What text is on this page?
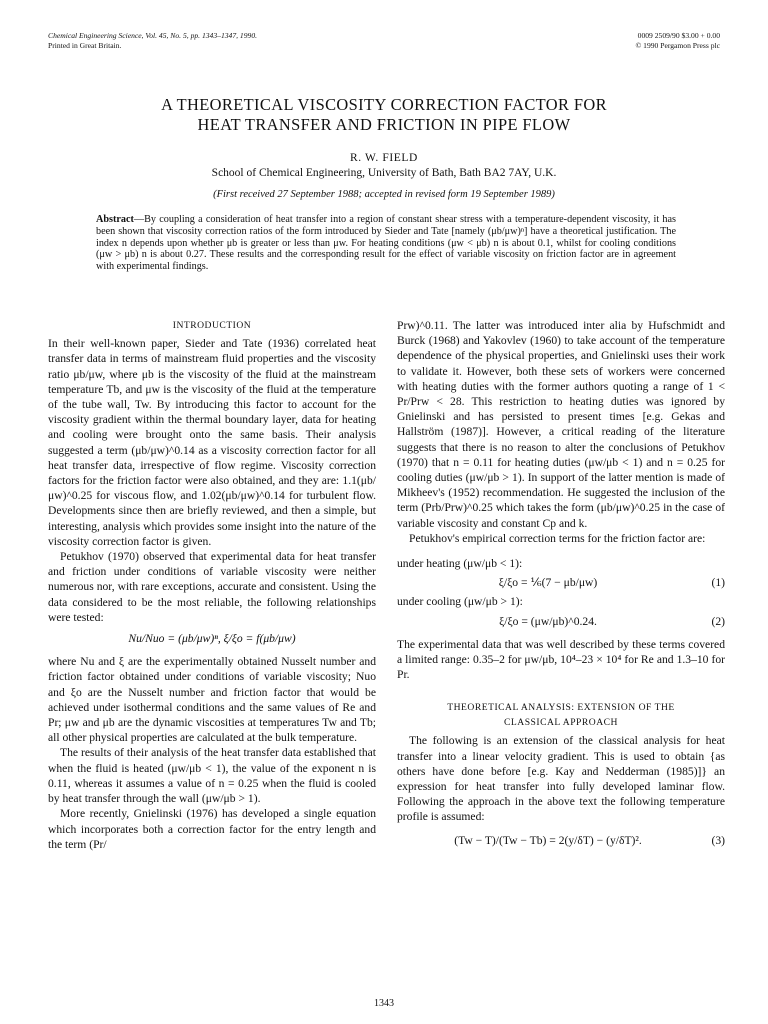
Chemical Engineering Science, Vol. 45, No. 5, pp. 1343–1347, 1990.
Printed in Great Britain.
0009 2509/90 $3.00 + 0.00
© 1990 Pergamon Press plc
A THEORETICAL VISCOSITY CORRECTION FACTOR FOR
HEAT TRANSFER AND FRICTION IN PIPE FLOW
R. W. FIELD
School of Chemical Engineering, University of Bath, Bath BA2 7AY, U.K.
(First received 27 September 1988; accepted in revised form 19 September 1989)
Abstract—By coupling a consideration of heat transfer into a region of constant shear stress with a temperature-dependent viscosity, it has been shown that viscosity correction ratios of the form introduced by Sieder and Tate [namely (μb/μw)ⁿ] have a theoretical justification. The index n depends upon whether μb is greater or less than μw. For heating conditions (μw < μb) n is about 0.1, whilst for cooling conditions (μw > μb) n is about 0.27. These results and the corresponding result for the effect of variable viscosity on friction factor are in agreement with experimental findings.
INTRODUCTION

In their well-known paper, Sieder and Tate (1936) correlated heat transfer data in terms of mainstream fluid properties and the viscosity ratio μb/μw, where μb is the viscosity of the fluid at the mainstream temperature Tb, and μw is the viscosity of the fluid at the temperature of the tube wall, Tw. By introducing this factor to account for the viscosity gradient within the thermal boundary layer, data for heating and cooling were brought onto the same basis. Their analysis suggested a term (μb/μw)^0.14 as a viscosity correction factor for all heat transfer data, irrespective of flow regime. Viscosity correction factors for the friction factor were also obtained, and they are: 1.1(μb/μw)^0.25 for viscous flow, and 1.02(μb/μw)^0.14 for turbulent flow. Developments since then are briefly reviewed, and then a simple, but interesting, analysis which provides some insight into the nature of the viscosity correction factor is given.

Petukhov (1970) observed that experimental data for heat transfer and friction under conditions of variable viscosity were neither numerous nor, with rare exceptions, accurate and consistent. Using the data considered to be the most reliable, the following relationships were tested:

Nu/Nuo = (μb/μw)ⁿ, ξ/ξo = f(μb/μw)

where Nu and ξ are the experimentally obtained Nusselt number and friction factor obtained under conditions of variable viscosity; Nuo and ξo are the Nusselt number and friction factor that would be achieved under isothermal conditions and the same values of Re and Pr; μw and μb are the dynamic viscosities at temperatures Tw and Tb; all other physical properties are calculated at the bulk temperature.

The results of their analysis of the heat transfer data established that when the fluid is heated (μw/μb < 1), the value of the exponent n is 0.11, whereas it assumes a value of n = 0.25 when the fluid is cooled by heat transfer through the wall (μw/μb > 1).

More recently, Gnielinski (1976) has developed a single equation which incorporates both a correction factor for the entry length and the term (Pr/

Prw)^0.11. The latter was introduced inter alia by Hufschmidt and Burck (1968) and Yakovlev (1960) to take account of the temperature dependence of the physical properties, and Gnielinski uses their work to validate it. However, both these sets of workers were concerned with heating duties with the former authors quoting a range of 1 < Pr/Prw < 28. This restriction to heating duties was ignored by Gnielinski and has persisted to present times [e.g. Gekas and Hallström (1987)]. However, a critical reading of the literature suggests that there is no reason to alter the conclusions of Petukhov (1970) that n = 0.11 for heating duties (μw/μb < 1) and n = 0.25 for cooling duties (μw/μb > 1). In support of the latter mention is made of Mikheev's (1952) recommendation. He suggested the inclusion of the term (Prb/Prw)^0.25 which takes the form (μb/μw)^0.25 in the case of variable viscosity and constant Cp and k.

Petukhov's empirical correction terms for the friction factor are:

under heating (μw/μb < 1):
ξ/ξo = ⅙(7 − μb/μw)	(1)
under cooling (μw/μb > 1):
ξ/ξo = (μw/μb)^0.24.	(2)

The experimental data that was well described by these terms covered a limited range: 0.35–2 for μw/μb, 10⁴–23 × 10⁴ for Re and 1.3–10 for Pr.

THEORETICAL ANALYSIS: EXTENSION OF THE CLASSICAL APPROACH

The following is an extension of the classical analysis for heat transfer into a linear velocity gradient. This is used to obtain {as others have done before [e.g. Kay and Nedderman (1985)]} an expression for heat transfer into fully developed laminar flow. Following the approach in the above text the following temperature profile is assumed:

(Tw − T)/(Tw − Tb) = 2(y/δT) − (y/δT)².	(3)
1343
